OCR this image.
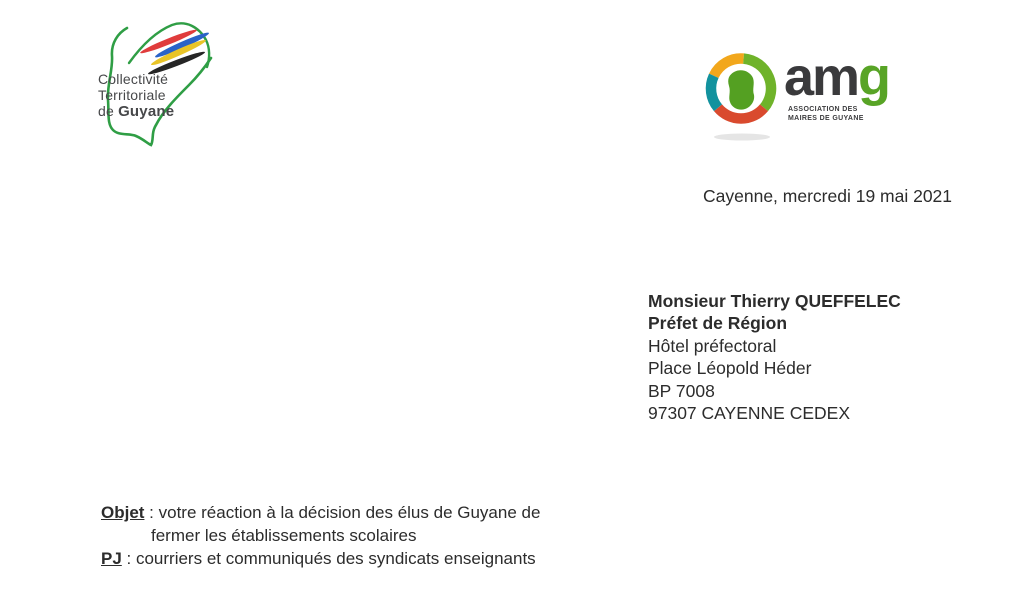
Collectivité
Territoriale
de Guyane
amg
ASSOCIATION DES
MAIRES DE GUYANE
Cayenne, mercredi 19 mai 2021
Monsieur Thierry QUEFFELEC
Préfet de Région
Hôtel préfectoral
Place Léopold Héder
BP 7008
97307 CAYENNE CEDEX
Objet : votre réaction à la décision des élus de Guyane de
fermer les établissements scolaires
PJ : courriers et communiqués des syndicats enseignants
